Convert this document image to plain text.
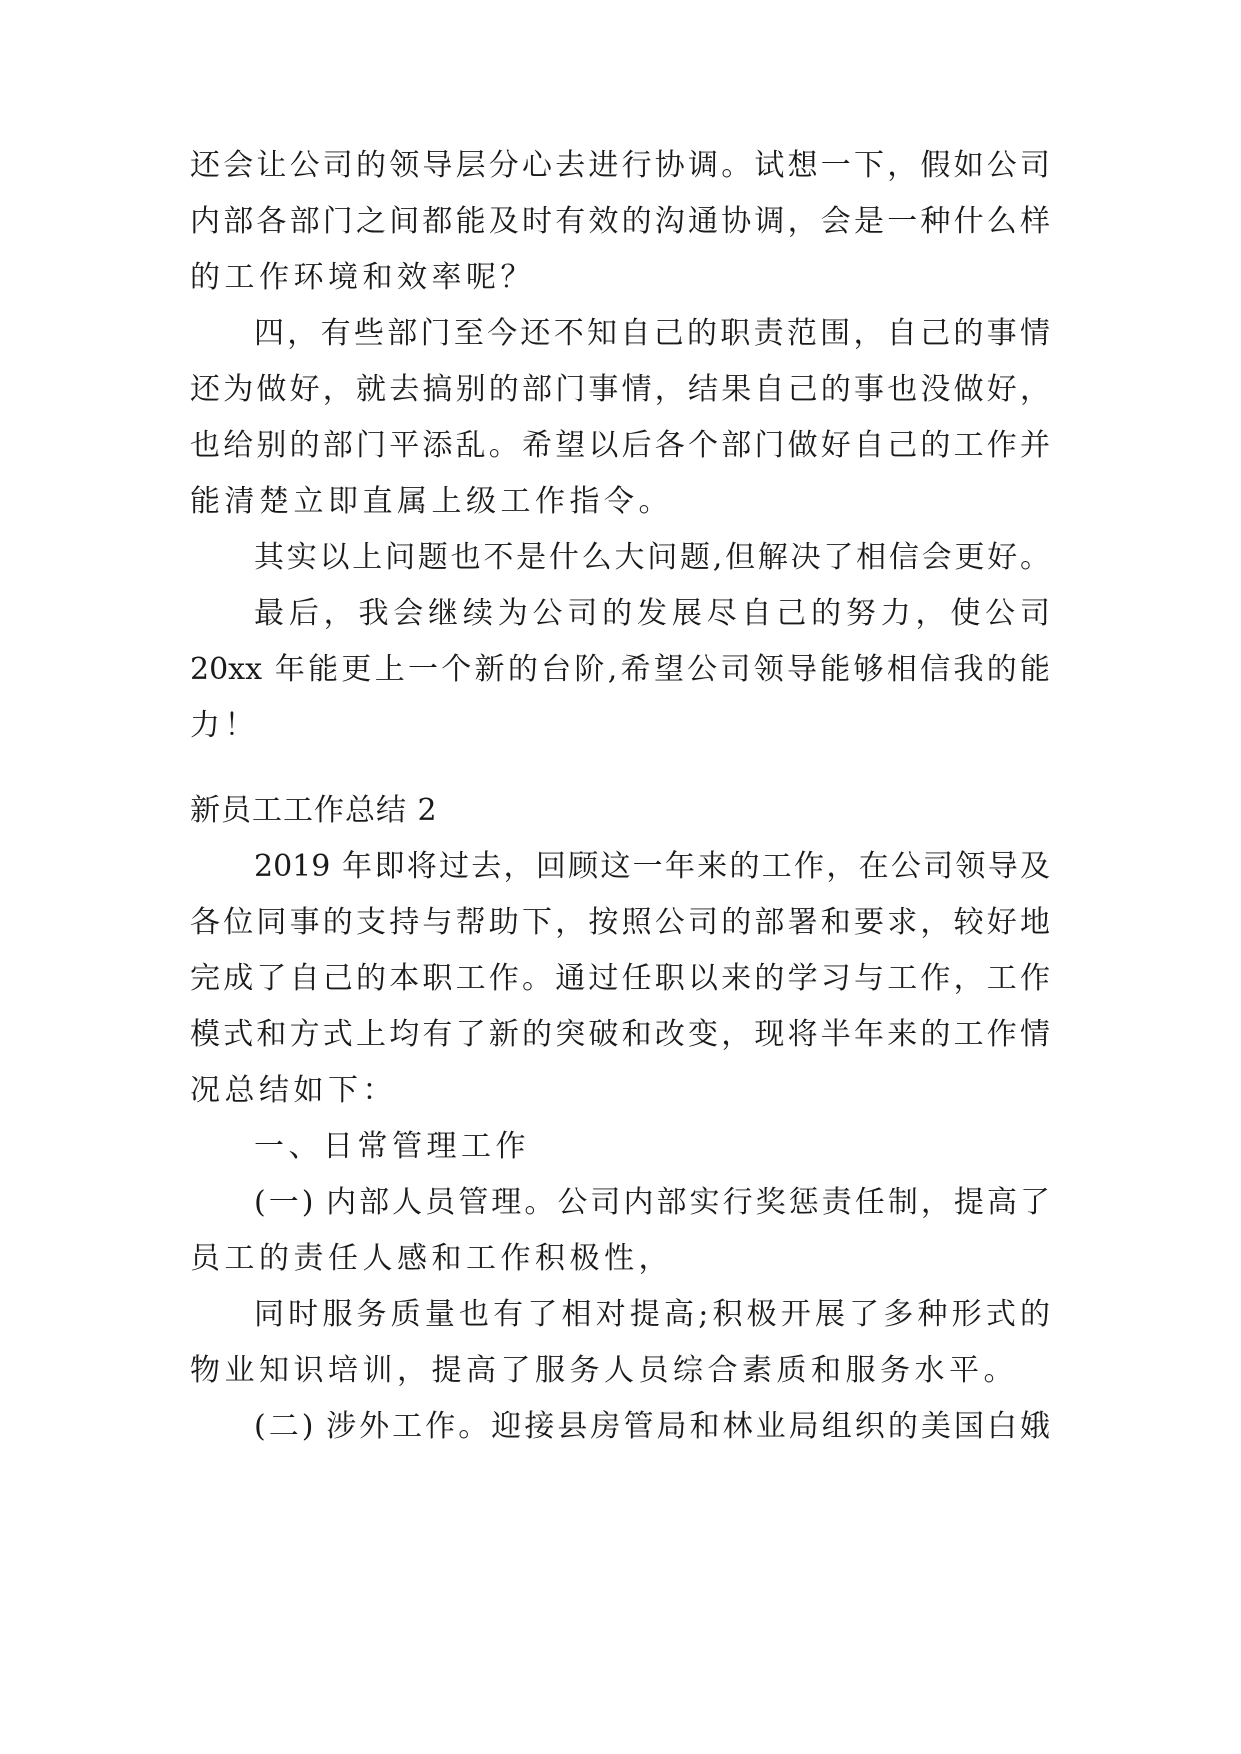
还会让公司的领导层分心去进行协调。试想一下，假如公司
内部各部门之间都能及时有效的沟通协调，会是一种什么样
的工作环境和效率呢？
四，有些部门至今还不知自己的职责范围，自己的事情
还为做好，就去搞别的部门事情，结果自己的事也没做好，
也给别的部门平添乱。希望以后各个部门做好自己的工作并
能清楚立即直属上级工作指令。
其实以上问题也不是什么大问题,但解决了相信会更好。
最后，我会继续为公司的发展尽自己的努力，使公司
20xx 年能更上一个新的台阶,希望公司领导能够相信我的能
力！
新员工工作总结 2
2019 年即将过去，回顾这一年来的工作，在公司领导及
各位同事的支持与帮助下，按照公司的部署和要求，较好地
完成了自己的本职工作。通过任职以来的学习与工作，工作
模式和方式上均有了新的突破和改变，现将半年来的工作情
况总结如下：
一、日常管理工作
(一) 内部人员管理。公司内部实行奖惩责任制，提高了
员工的责任人感和工作积极性，
同时服务质量也有了相对提高;积极开展了多种形式的
物业知识培训，提高了服务人员综合素质和服务水平。
(二) 涉外工作。迎接县房管局和林业局组织的美国白娥
